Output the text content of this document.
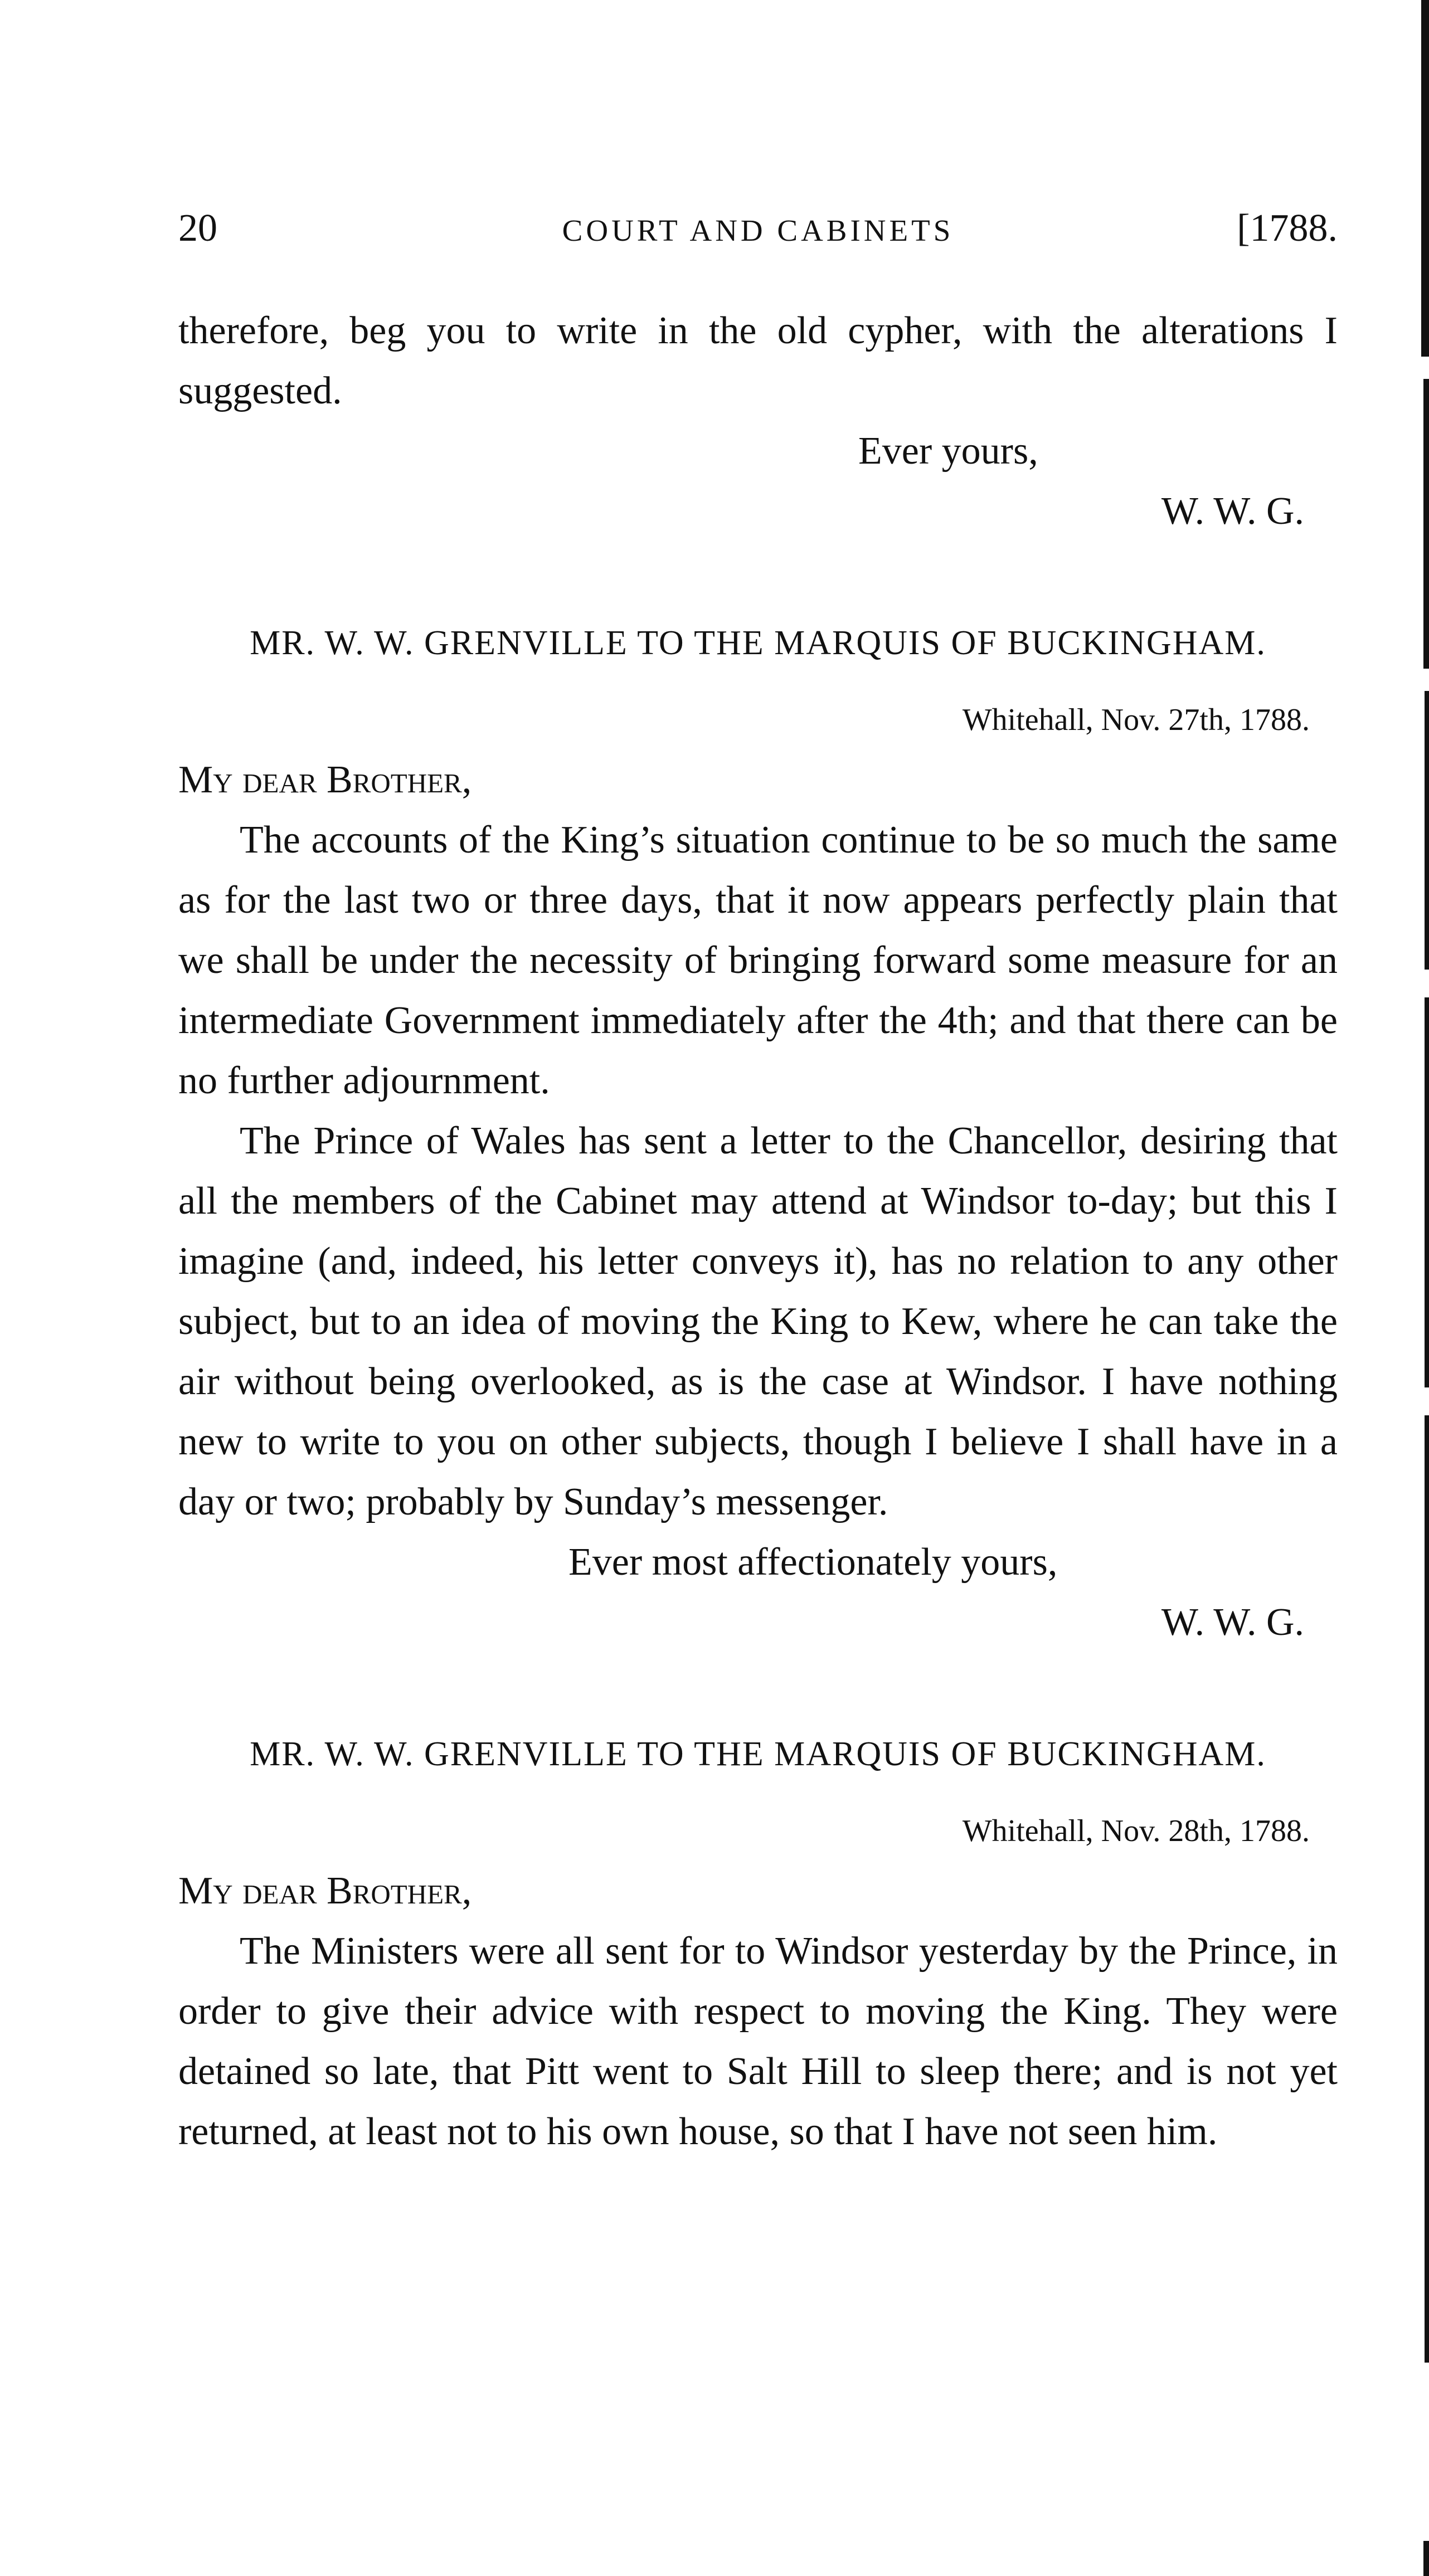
20	COURT AND CABINETS	[1788.

therefore, beg you to write in the old cypher, with the alterations I suggested.

Ever yours,

W. W. G.

MR. W. W. GRENVILLE TO THE MARQUIS OF BUCKINGHAM.

Whitehall, Nov. 27th, 1788.

My dear Brother,

The accounts of the King’s situation continue to be so much the same as for the last two or three days, that it now appears perfectly plain that we shall be under the necessity of bringing forward some measure for an intermediate Government immediately after the 4th; and that there can be no further adjournment.

The Prince of Wales has sent a letter to the Chancellor, desiring that all the members of the Cabinet may attend at Windsor to-day; but this I imagine (and, indeed, his letter conveys it), has no relation to any other subject, but to an idea of moving the King to Kew, where he can take the air without being overlooked, as is the case at Windsor. I have nothing new to write to you on other subjects, though I believe I shall have in a day or two; probably by Sunday’s messenger.

Ever most affectionately yours,

W. W. G.

MR. W. W. GRENVILLE TO THE MARQUIS OF BUCKINGHAM.

Whitehall, Nov. 28th, 1788.

My dear Brother,

The Ministers were all sent for to Windsor yesterday by the Prince, in order to give their advice with respect to moving the King. They were detained so late, that Pitt went to Salt Hill to sleep there; and is not yet returned, at least not to his own house, so that I have not seen him.
